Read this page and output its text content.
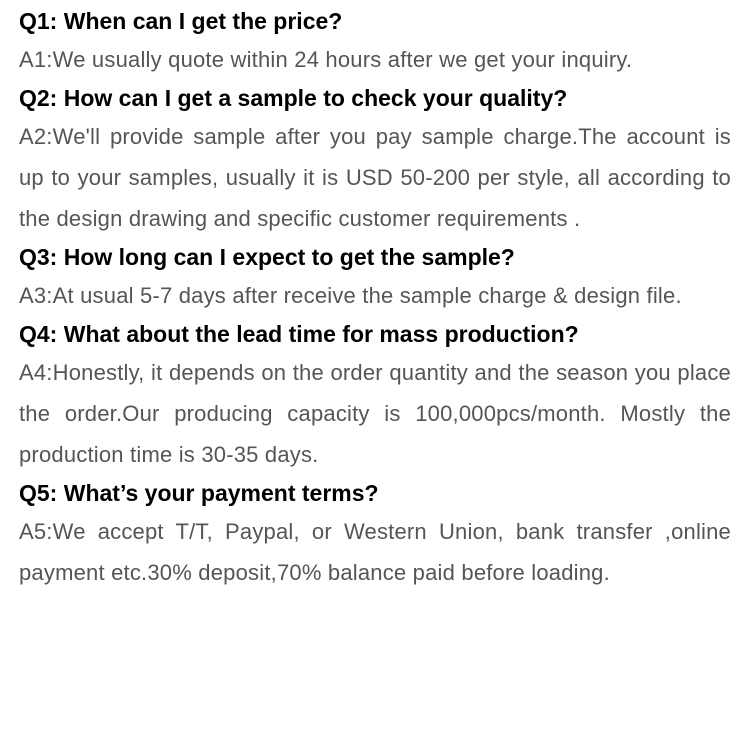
Q1: When can I get the price?

A1:We usually quote within 24 hours after we get your inquiry.

Q2: How can I get a sample to check your quality?

A2:We'll provide sample after you pay sample charge.The account is up to your samples, usually it is USD 50-200 per style, all according to the design drawing and specific customer requirements .

Q3: How long can I expect to get the sample?

A3:At usual 5-7 days after receive the sample charge & design file.

Q4: What about the lead time for mass production?

A4:Honestly, it depends on the order quantity and the season you place the order.Our producing capacity is 100,000pcs/month. Mostly the production time is 30-35 days.

Q5: What’s your payment terms?

A5:We accept T/T, Paypal, or Western Union, bank transfer ,online payment etc.30% deposit,70% balance paid before loading.
